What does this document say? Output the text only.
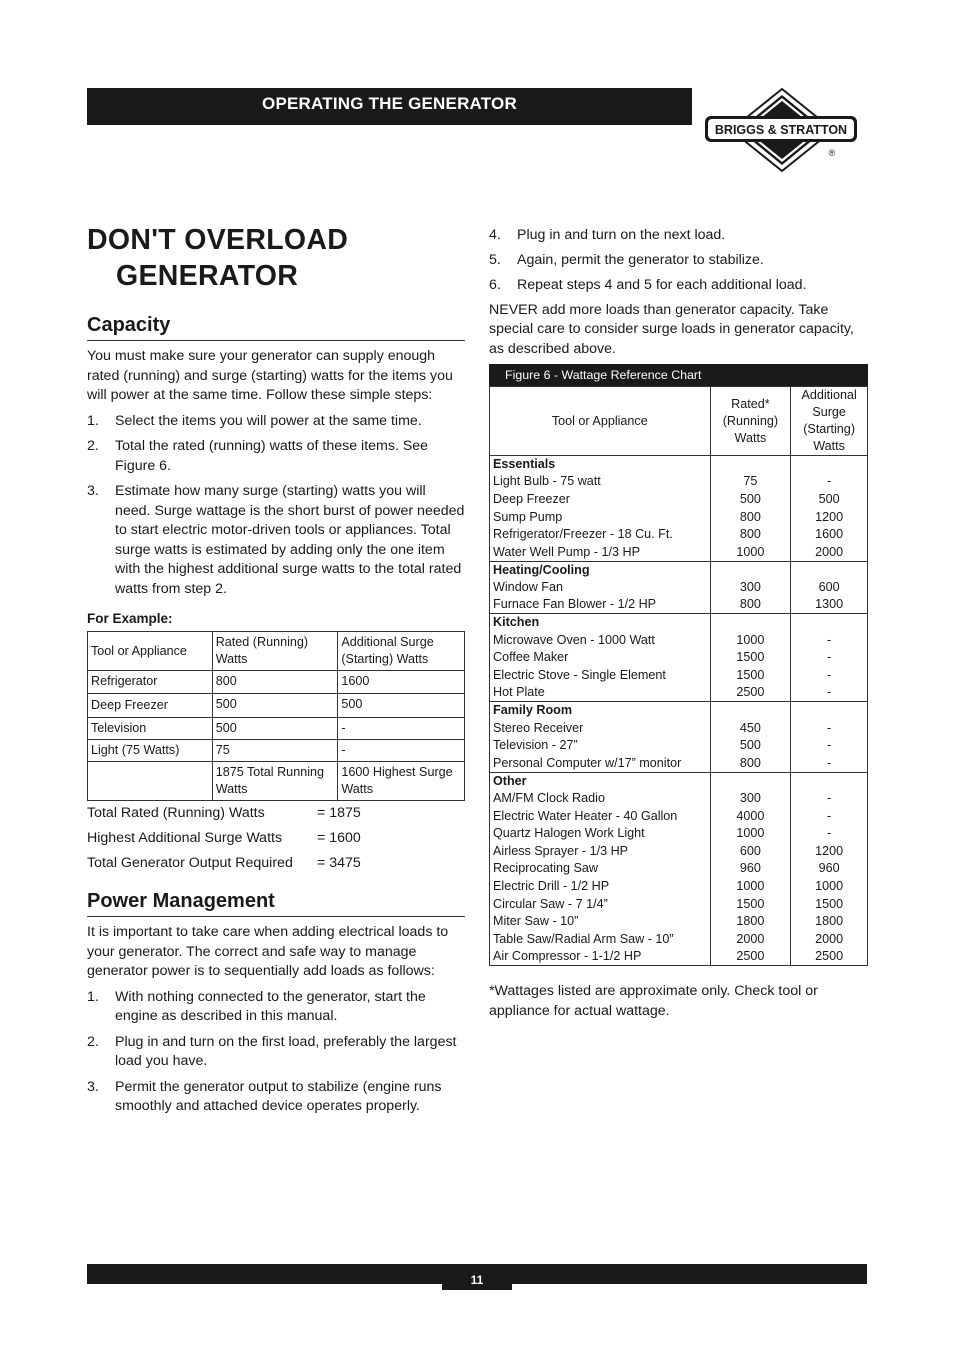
OPERATING THE GENERATOR
BRIGGS & STRATTON
®
DON'T OVERLOAD
GENERATOR
Capacity

You must make sure your generator can supply enough rated (running) and surge (starting) watts for the items you will power at the same time. Follow these simple steps:

1.	Select the items you will power at the same time.
2.	Total the rated (running) watts of these items. See Figure 6.
3.	Estimate how many surge (starting) watts you will need. Surge wattage is the short burst of power needed to start electric motor-driven tools or appliances. Total surge watts is estimated by adding only the one item with the highest additional surge watts to the total rated watts from step 2.
For Example:
Tool or Appliance	Rated (Running) Watts	Additional Surge (Starting) Watts
Refrigerator	800	1600
Deep Freezer	500	500
Television	500	-
Light (75 Watts)	75	-
	1875 Total Running Watts	1600 Highest Surge Watts
Total Rated (Running) Watts	= 1875
Highest Additional Surge Watts	= 1600
Total Generator Output Required	= 3475
Power Management

It is important to take care when adding electrical loads to your generator. The correct and safe way to manage generator power is to sequentially add loads as follows:

1.	With nothing connected to the generator, start the engine as described in this manual.
2.	Plug in and turn on the first load, preferably the largest load you have.
3.	Permit the generator output to stabilize (engine runs smoothly and attached device operates properly.
4.	Plug in and turn on the next load.
5.	Again, permit the generator to stabilize.
6.	Repeat steps 4 and 5 for each additional load.

NEVER add more loads than generator capacity. Take special care to consider surge loads in generator capacity, as described above.

Figure 6 - Wattage Reference Chart
Tool or Appliance	Rated* (Running) Watts	Additional Surge (Starting) Watts
Essentials		
Light Bulb - 75 watt	75	-
Deep Freezer	500	500
Sump Pump	800	1200
Refrigerator/Freezer - 18 Cu. Ft.	800	1600
Water Well Pump - 1/3 HP	1000	2000
Heating/Cooling		
Window Fan	300	600
Furnace Fan Blower - 1/2 HP	800	1300
Kitchen		
Microwave Oven - 1000 Watt	1000	-
Coffee Maker	1500	-
Electric Stove - Single Element	1500	-
Hot Plate	2500	-
Family Room		
Stereo Receiver	450	-
Television - 27”	500	-
Personal Computer w/17” monitor	800	-
Other		
AM/FM Clock Radio	300	-
Electric Water Heater - 40 Gallon	4000	-
Quartz Halogen Work Light	1000	-
Airless Sprayer - 1/3 HP	600	1200
Reciprocating Saw	960	960
Electric Drill - 1/2 HP	1000	1000
Circular Saw - 7 1/4”	1500	1500
Miter Saw - 10”	1800	1800
Table Saw/Radial Arm Saw - 10”	2000	2000
Air Compressor - 1-1/2 HP	2500	2500

*Wattages listed are approximate only. Check tool or appliance for actual wattage.

11
